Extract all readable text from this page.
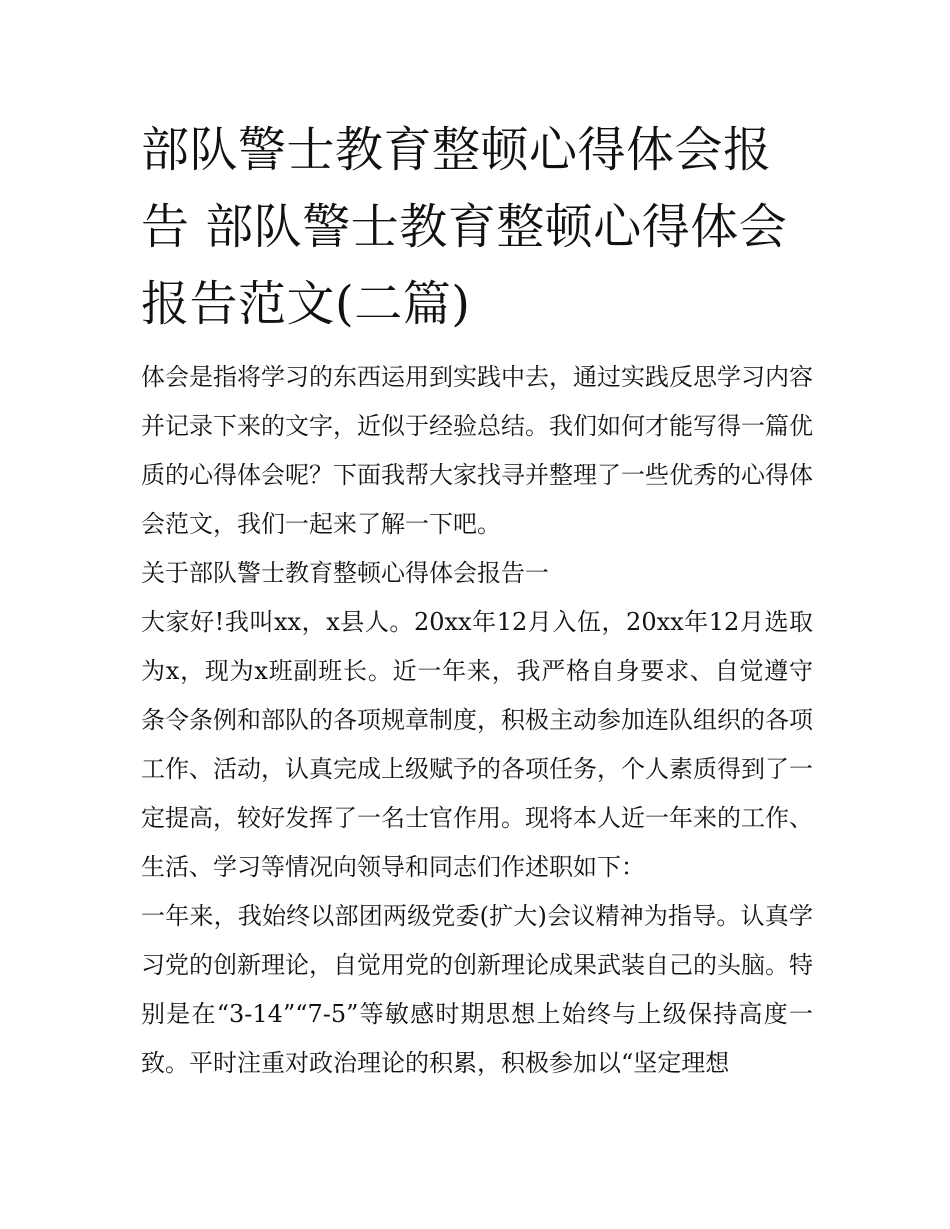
部队警士教育整顿心得体会报告 部队警士教育整顿心得体会报告范文(二篇)

体会是指将学习的东西运用到实践中去，通过实践反思学习内容并记录下来的文字，近似于经验总结。我们如何才能写得一篇优质的心得体会呢？下面我帮大家找寻并整理了一些优秀的心得体会范文，我们一起来了解一下吧。

关于部队警士教育整顿心得体会报告一

大家好!我叫xx，x县人。20xx年12月入伍，20xx年12月选取为x，现为x班副班长。近一年来，我严格自身要求、自觉遵守条令条例和部队的各项规章制度，积极主动参加连队组织的各项工作、活动，认真完成上级赋予的各项任务，个人素质得到了一定提高，较好发挥了一名士官作用。现将本人近一年来的工作、生活、学习等情况向领导和同志们作述职如下：

一年来，我始终以部团两级党委(扩大)会议精神为指导。认真学习党的创新理论，自觉用党的创新理论成果武装自己的头脑。特别是在“3-14”“7-5”等敏感时期思想上始终与上级保持高度一致。平时注重对政治理论的积累，积极参加以“坚定理想
